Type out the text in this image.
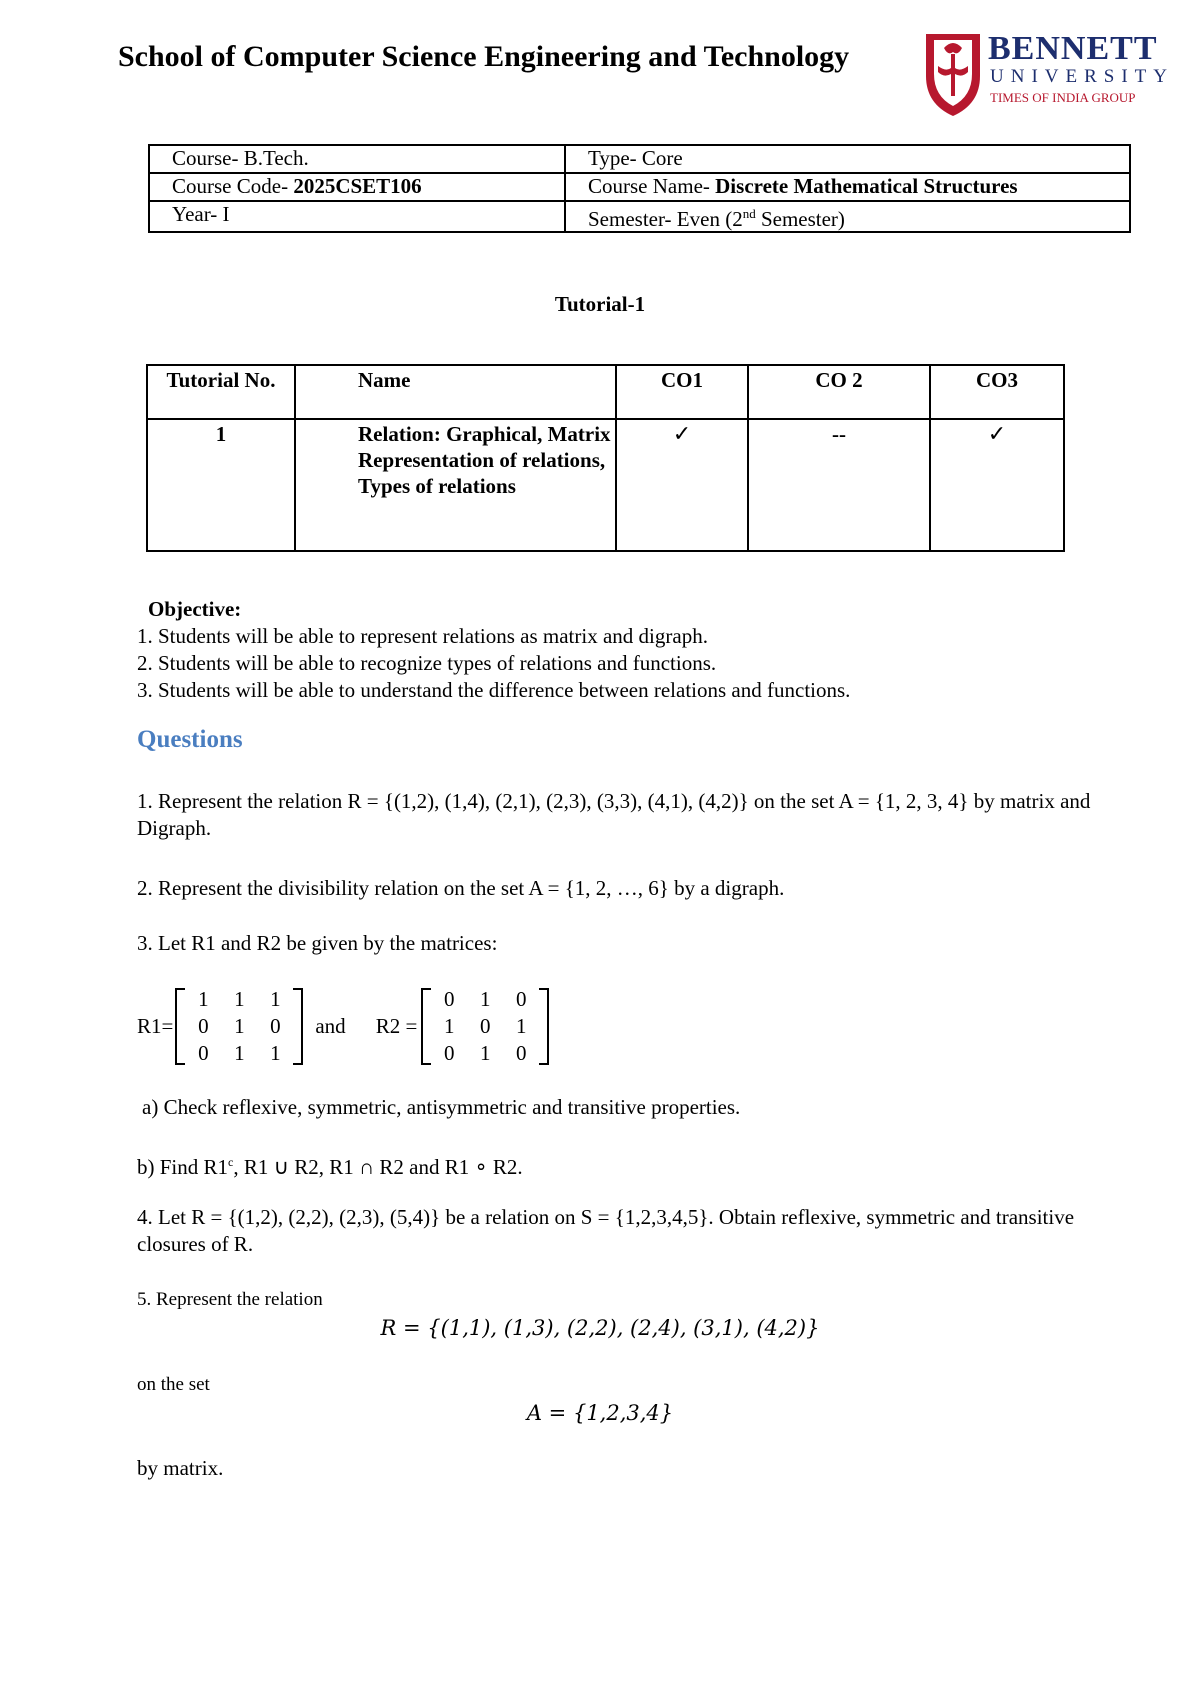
School of Computer Science Engineering and Technology	BENNETT
UNIVERSITY
TIMES OF INDIA GROUP
Course- B.Tech.	Type- Core
Course Code- 2025CSET106	Course Name- Discrete Mathematical Structures
Year- I	Semester- Even (2nd Semester)
Tutorial-1
Tutorial No.	Name	CO1	CO 2	CO3
1	Relation: Graphical, Matrix Representation of relations, Types of relations	✓	--	✓
Objective:
1. Students will be able to represent relations as matrix and digraph.
2. Students will be able to recognize types of relations and functions.
3. Students will be able to understand the difference between relations and functions.
Questions
1. Represent the relation R = {(1,2), (1,4), (2,1), (2,3), (3,3), (4,1), (4,2)} on the set A = {1, 2, 3, 4} by matrix and Digraph.
2. Represent the divisibility relation on the set A = {1, 2, …, 6} by a digraph.
3. Let R1 and R2 be given by the matrices:
R1=
1	1	1
0	1	0
0	1	1
and R2 =
0	1	0
1	0	1
0	1	0
a) Check reflexive, symmetric, antisymmetric and transitive properties.
b) Find R1$^c$, R1 ∪ R2, R1 ∩ R2 and R1 ∘ R2.
4. Let R = {(1,2), (2,2), (2,3), (5,4)} be a relation on S = {1,2,3,4,5}. Obtain reflexive, symmetric and transitive closures of R.
5. Represent the relation
R = {(1,1), (1,3), (2,2), (2,4), (3,1), (4,2)}
on the set
A = {1,2,3,4}
by matrix.
